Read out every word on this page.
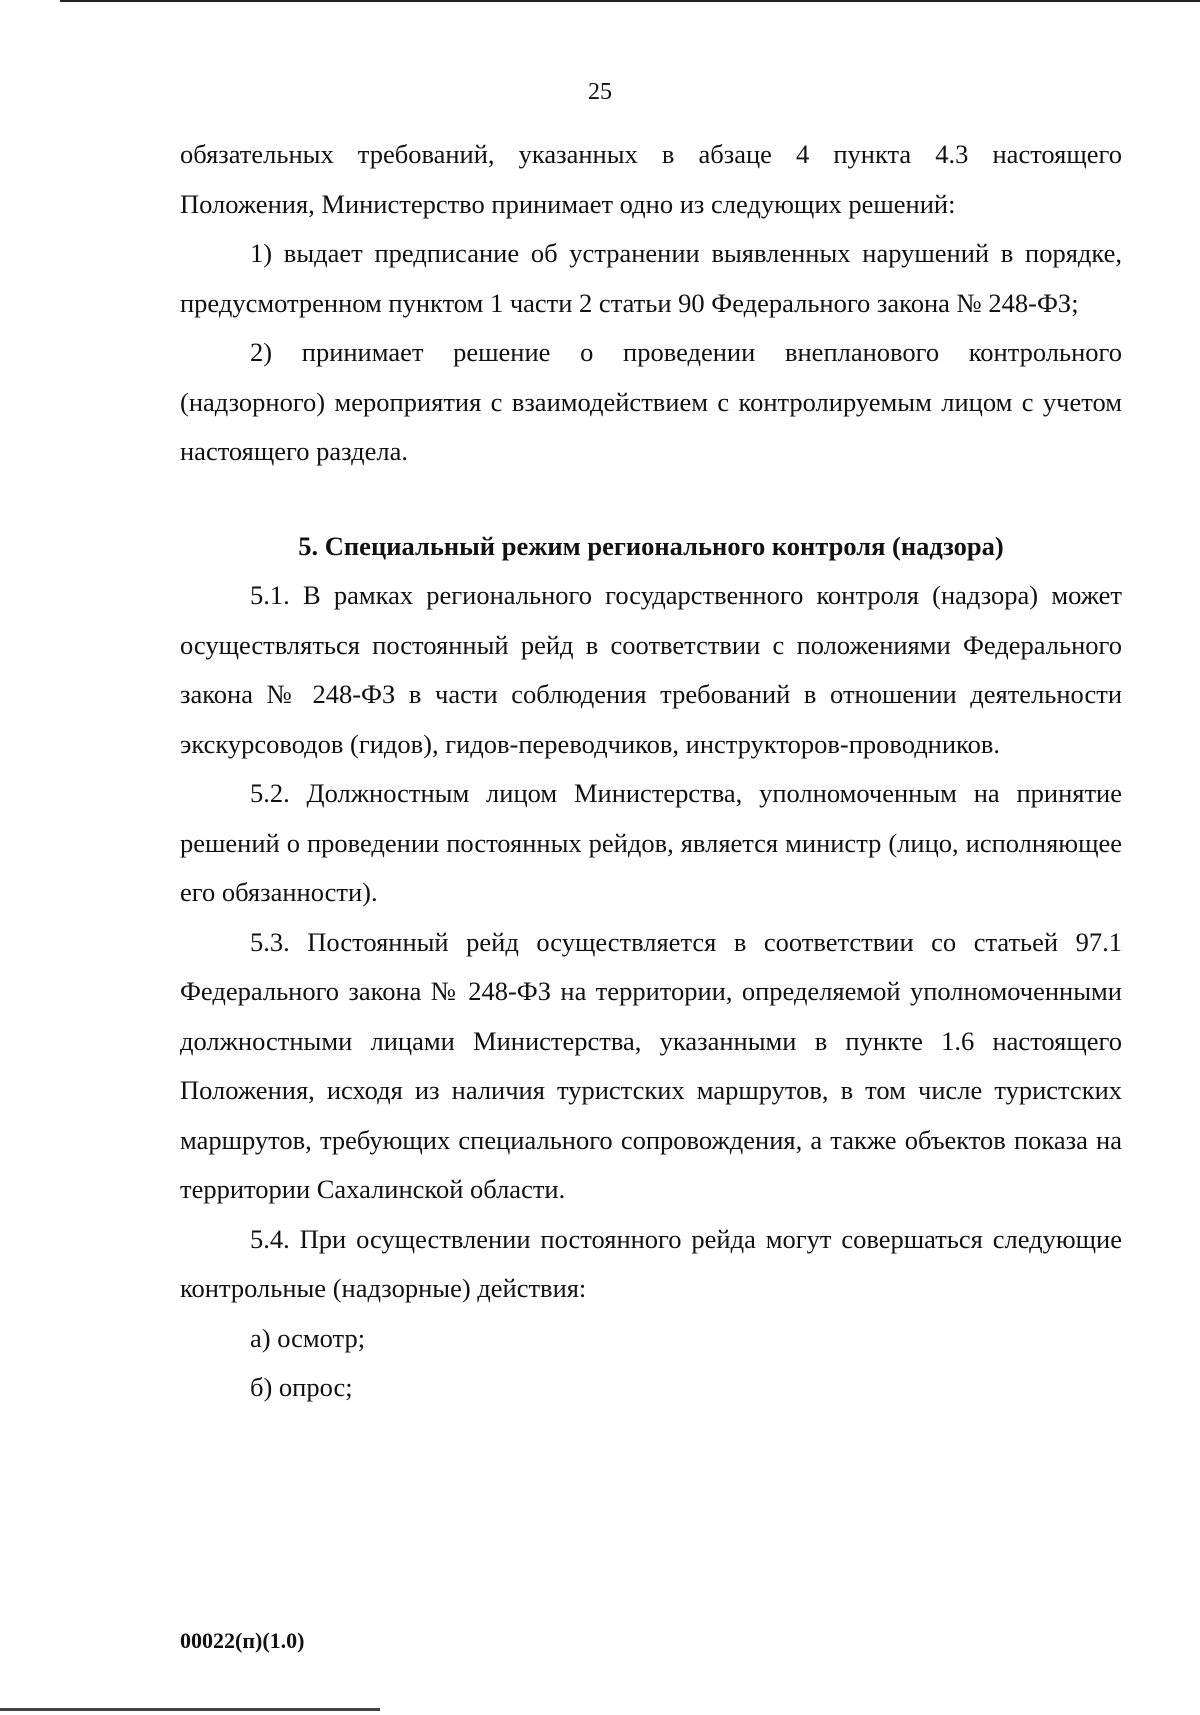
25

обязательных требований, указанных в абзаце 4 пункта 4.3 настоящего Положения, Министерство принимает одно из следующих решений:

1) выдает предписание об устранении выявленных нарушений в порядке, предусмотренном пунктом 1 части 2 статьи 90 Федерального закона № 248-ФЗ;

2) принимает решение о проведении внепланового контрольного (надзорного) мероприятия с взаимодействием с контролируемым лицом с учетом настоящего раздела.

5. Специальный режим регионального контроля (надзора)

5.1. В рамках регионального государственного контроля (надзора) может осуществляться постоянный рейд в соответствии с положениями Федерального закона № 248-ФЗ в части соблюдения требований в отношении деятельности экскурсоводов (гидов), гидов-переводчиков, инструкторов-проводников.

5.2. Должностным лицом Министерства, уполномоченным на принятие решений о проведении постоянных рейдов, является министр (лицо, исполняющее его обязанности).

5.3. Постоянный рейд осуществляется в соответствии со статьей 97.1 Федерального закона № 248-ФЗ на территории, определяемой уполномоченными должностными лицами Министерства, указанными в пункте 1.6 настоящего Положения, исходя из наличия туристских маршрутов, в том числе туристских маршрутов, требующих специального сопровождения, а также объектов показа на территории Сахалинской области.

5.4. При осуществлении постоянного рейда могут совершаться следующие контрольные (надзорные) действия:

а) осмотр;

б) опрос;

00022(п)(1.0)
